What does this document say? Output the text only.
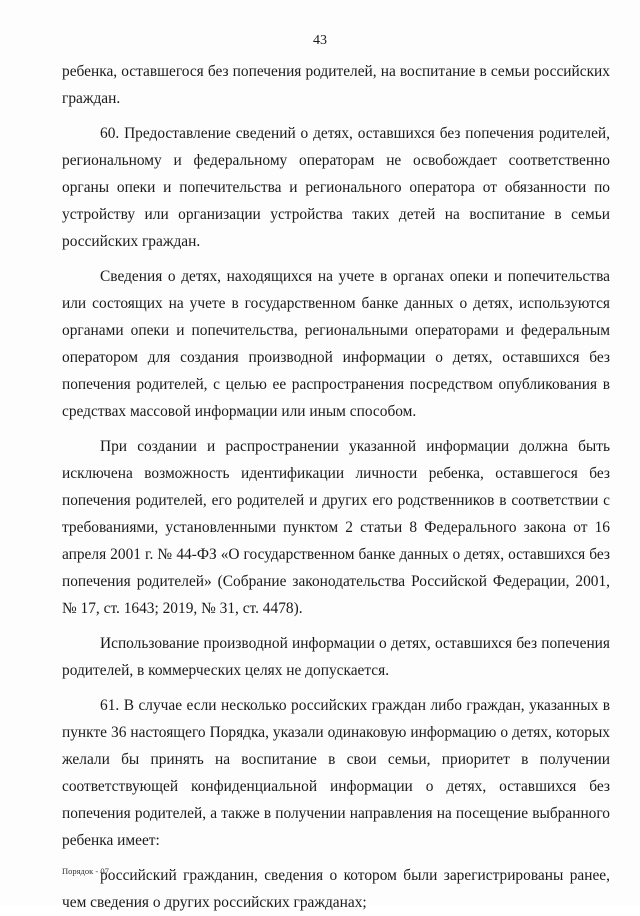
43

ребенка, оставшегося без попечения родителей, на воспитание в семьи российских граждан.

60. Предоставление сведений о детях, оставшихся без попечения родителей, региональному и федеральному операторам не освобождает соответственно органы опеки и попечительства и регионального оператора от обязанности по устройству или организации устройства таких детей на воспитание в семьи российских граждан.

Сведения о детях, находящихся на учете в органах опеки и попечительства или состоящих на учете в государственном банке данных о детях, используются органами опеки и попечительства, региональными операторами и федеральным оператором для создания производной информации о детях, оставшихся без попечения родителей, с целью ее распространения посредством опубликования в средствах массовой информации или иным способом.

При создании и распространении указанной информации должна быть исключена возможность идентификации личности ребенка, оставшегося без попечения родителей, его родителей и других его родственников в соответствии с требованиями, установленными пунктом 2 статьи 8 Федерального закона от 16 апреля 2001 г. № 44-ФЗ «О государственном банке данных о детях, оставшихся без попечения родителей» (Собрание законодательства Российской Федерации, 2001, № 17, ст. 1643; 2019, № 31, ст. 4478).

Использование производной информации о детях, оставшихся без попечения родителей, в коммерческих целях не допускается.

61. В случае если несколько российских граждан либо граждан, указанных в пункте 36 настоящего Порядка, указали одинаковую информацию о детях, которых желали бы принять на воспитание в свои семьи, приоритет в получении соответствующей конфиденциальной информации о детях, оставшихся без попечения родителей, а также в получении направления на посещение выбранного ребенка имеет:

российский гражданин, сведения о котором были зарегистрированы ранее, чем сведения о других российских гражданах;

Порядок - 07
